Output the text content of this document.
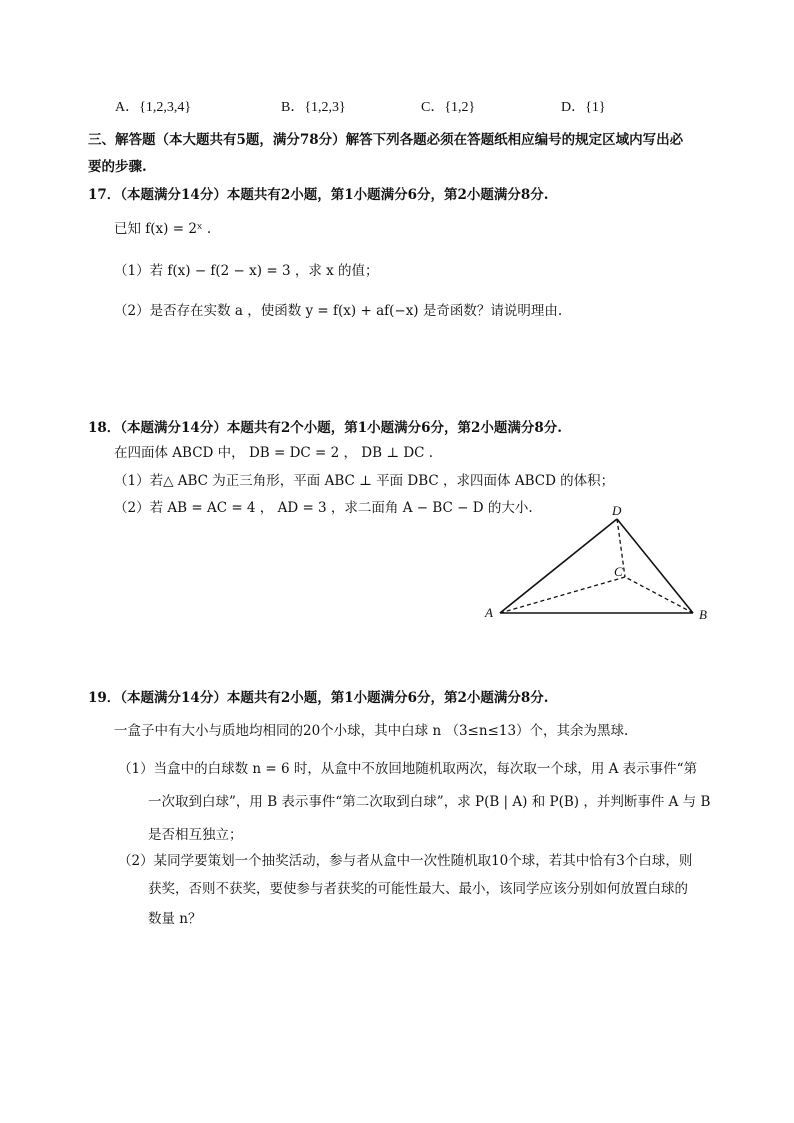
A．{1,2,3,4}	B．{1,2,3}	C．{1,2}	D．{1}
三、解答题（本大题共有5题，满分78分）解答下列各题必须在答题纸相应编号的规定区域内写出必
要的步骤.
17．（本题满分14分）本题共有2小题，第1小题满分6分，第2小题满分8分.
已知 f(x) = 2ˣ .
（1）若 f(x) − f(2 − x) = 3 ，求 x 的值；
（2）是否存在实数 a ，使函数 y = f(x) + af(−x) 是奇函数？请说明理由.
18．（本题满分14分）本题共有2个小题，第1小题满分6分，第2小题满分8分.
在四面体 ABCD 中， DB = DC = 2 ， DB ⊥ DC .
（1）若△ ABC 为正三角形，平面 ABC ⊥ 平面 DBC ，求四面体 ABCD 的体积；
（2）若 AB = AC = 4 ， AD = 3 ，求二面角 A − BC − D 的大小.
A	B
C
D
19．（本题满分14分）本题共有2小题，第1小题满分6分，第2小题满分8分.
一盒子中有大小与质地均相同的20个小球，其中白球 n （3≤n≤13）个，其余为黑球.
（1）当盒中的白球数 n = 6 时，从盒中不放回地随机取两次，每次取一个球，用 A 表示事件“第
一次取到白球”，用 B 表示事件“第二次取到白球”，求 P(B | A) 和 P(B) ，并判断事件 A 与 B
是否相互独立；
（2）某同学要策划一个抽奖活动，参与者从盒中一次性随机取10个球，若其中恰有3个白球，则
获奖，否则不获奖，要使参与者获奖的可能性最大、最小，该同学应该分别如何放置白球的
数量 n？
